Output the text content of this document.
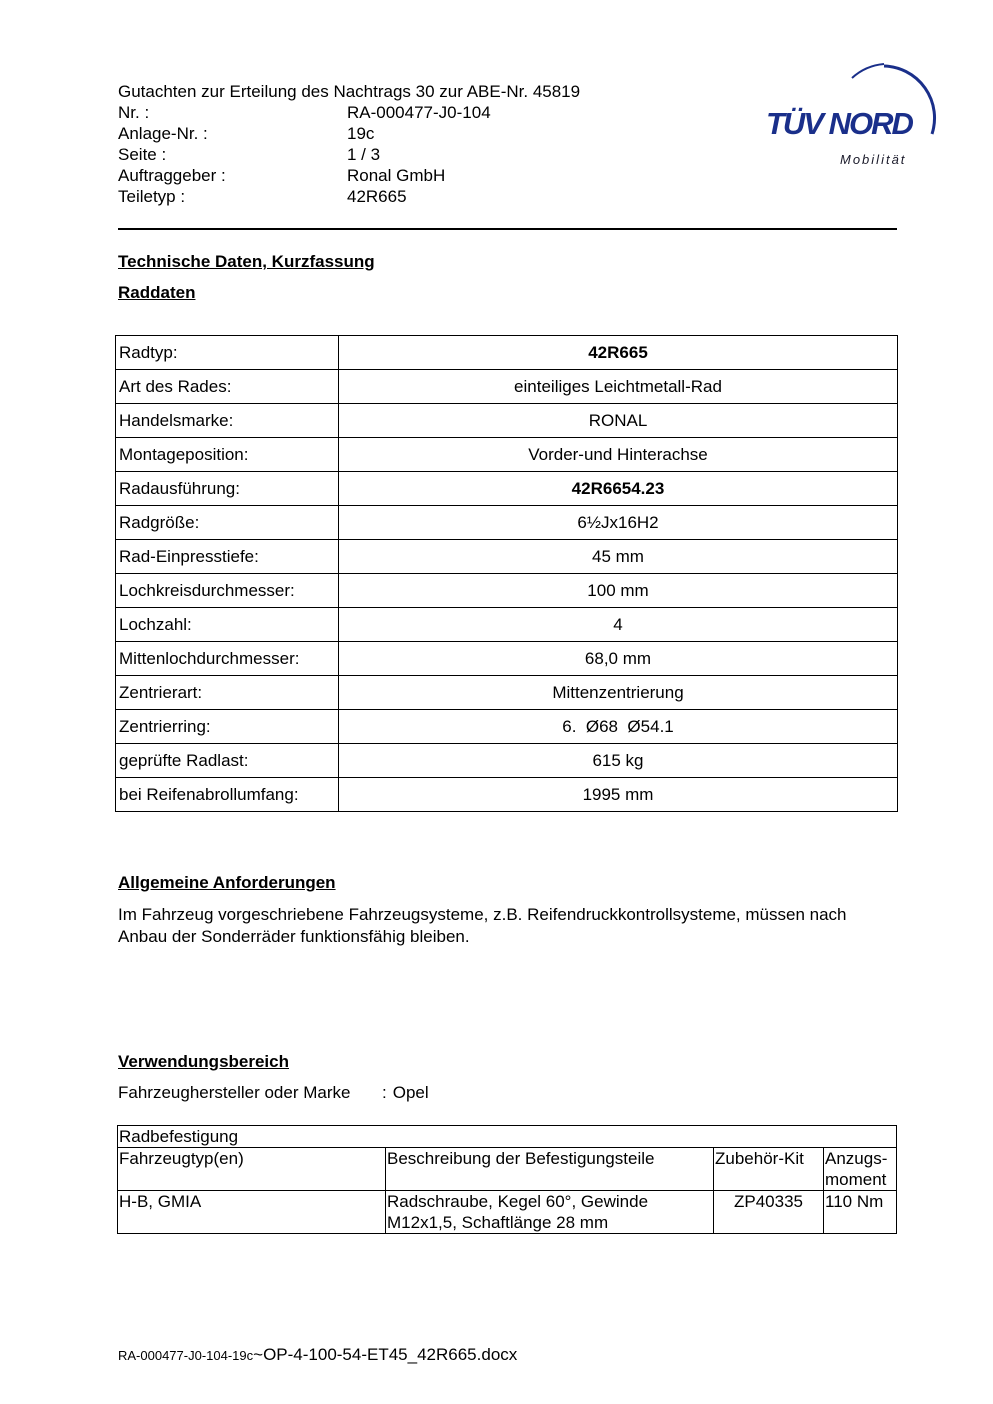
Gutachten zur Erteilung des Nachtrags 30 zur ABE-Nr. 45819
Nr. :	RA-000477-J0-104
Anlage-Nr. :	19c
Seite :	1 / 3
Auftraggeber :	Ronal GmbH
Teiletyp :	42R665
TÜV NORD
Mobilität
Technische Daten, Kurzfassung
Raddaten
Radtyp:	42R665
Art des Rades:	einteiliges Leichtmetall-Rad
Handelsmarke:	RONAL
Montageposition:	Vorder-und Hinterachse
Radausführung:	42R6654.23
Radgröße:	6½Jx16H2
Rad-Einpresstiefe:	45 mm
Lochkreisdurchmesser:	100 mm
Lochzahl:	4
Mittenlochdurchmesser:	68,0 mm
Zentrierart:	Mittenzentrierung
Zentrierring:	6.  Ø68  Ø54.1
geprüfte Radlast:	615 kg
bei Reifenabrollumfang:	1995 mm
Allgemeine Anforderungen
Im Fahrzeug vorgeschriebene Fahrzeugsysteme, z.B. Reifendruckkontrollsysteme, müssen nach Anbau der Sonderräder funktionsfähig bleiben.
Verwendungsbereich
Fahrzeughersteller oder Marke	: Opel
Radbefestigung			
Fahrzeugtyp(en)	Beschreibung der Befestigungsteile	Zubehör-Kit	Anzugs-moment
H-B, GMIA	Radschraube, Kegel 60°, Gewinde M12x1,5, Schaftlänge 28 mm	ZP40335	110 Nm
RA-000477-J0-104-19c~OP-4-100-54-ET45_42R665.docx
